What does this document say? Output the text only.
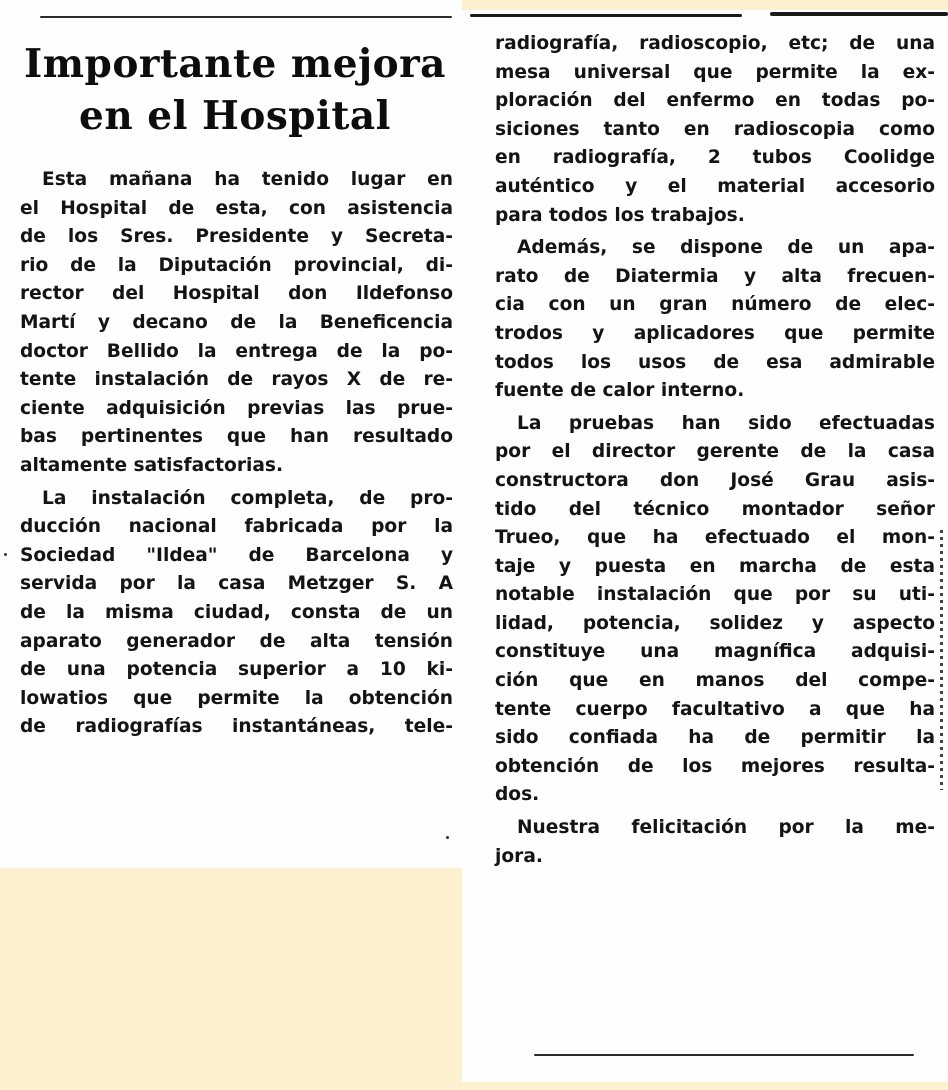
Importante mejora
en el Hospital
Esta mañana ha tenido lugar en
el Hospital de esta, con asistencia
de los Sres. Presidente y Secreta-
rio de la Diputación provincial, di-
rector del Hospital don Ildefonso
Martí y decano de la Beneficencia
doctor Bellido la entrega de la po-
tente instalación de rayos X de re-
ciente adquisición previas las prue-
bas pertinentes que han resultado
altamente satisfactorias.
La instalación completa, de pro-
ducción nacional fabricada por la
Sociedad "Ildea" de Barcelona y
servida por la casa Metzger S. A
de la misma ciudad, consta de un
aparato generador de alta tensión
de una potencia superior a 10 ki-
lowatios que permite la obtención
de radiografías instantáneas, tele-
radiografía, radioscopio, etc; de una
mesa universal que permite la ex-
ploración del enfermo en todas po-
siciones tanto en radioscopia como
en radiografía, 2 tubos Coolidge
auténtico y el material accesorio
para todos los trabajos.
Además, se dispone de un apa-
rato de Diatermia y alta frecuen-
cia con un gran número de elec-
trodos y aplicadores que permite
todos los usos de esa admirable
fuente de calor interno.
La pruebas han sido efectuadas
por el director gerente de la casa
constructora don José Grau asis-
tido del técnico montador señor
Trueo, que ha efectuado el mon-
taje y puesta en marcha de esta
notable instalación que por su uti-
lidad, potencia, solidez y aspecto
constituye una magnífica adquisi-
ción que en manos del compe-
tente cuerpo facultativo a que ha
sido confiada ha de permitir la
obtención de los mejores resulta-
dos.
Nuestra felicitación por la me-
jora.
